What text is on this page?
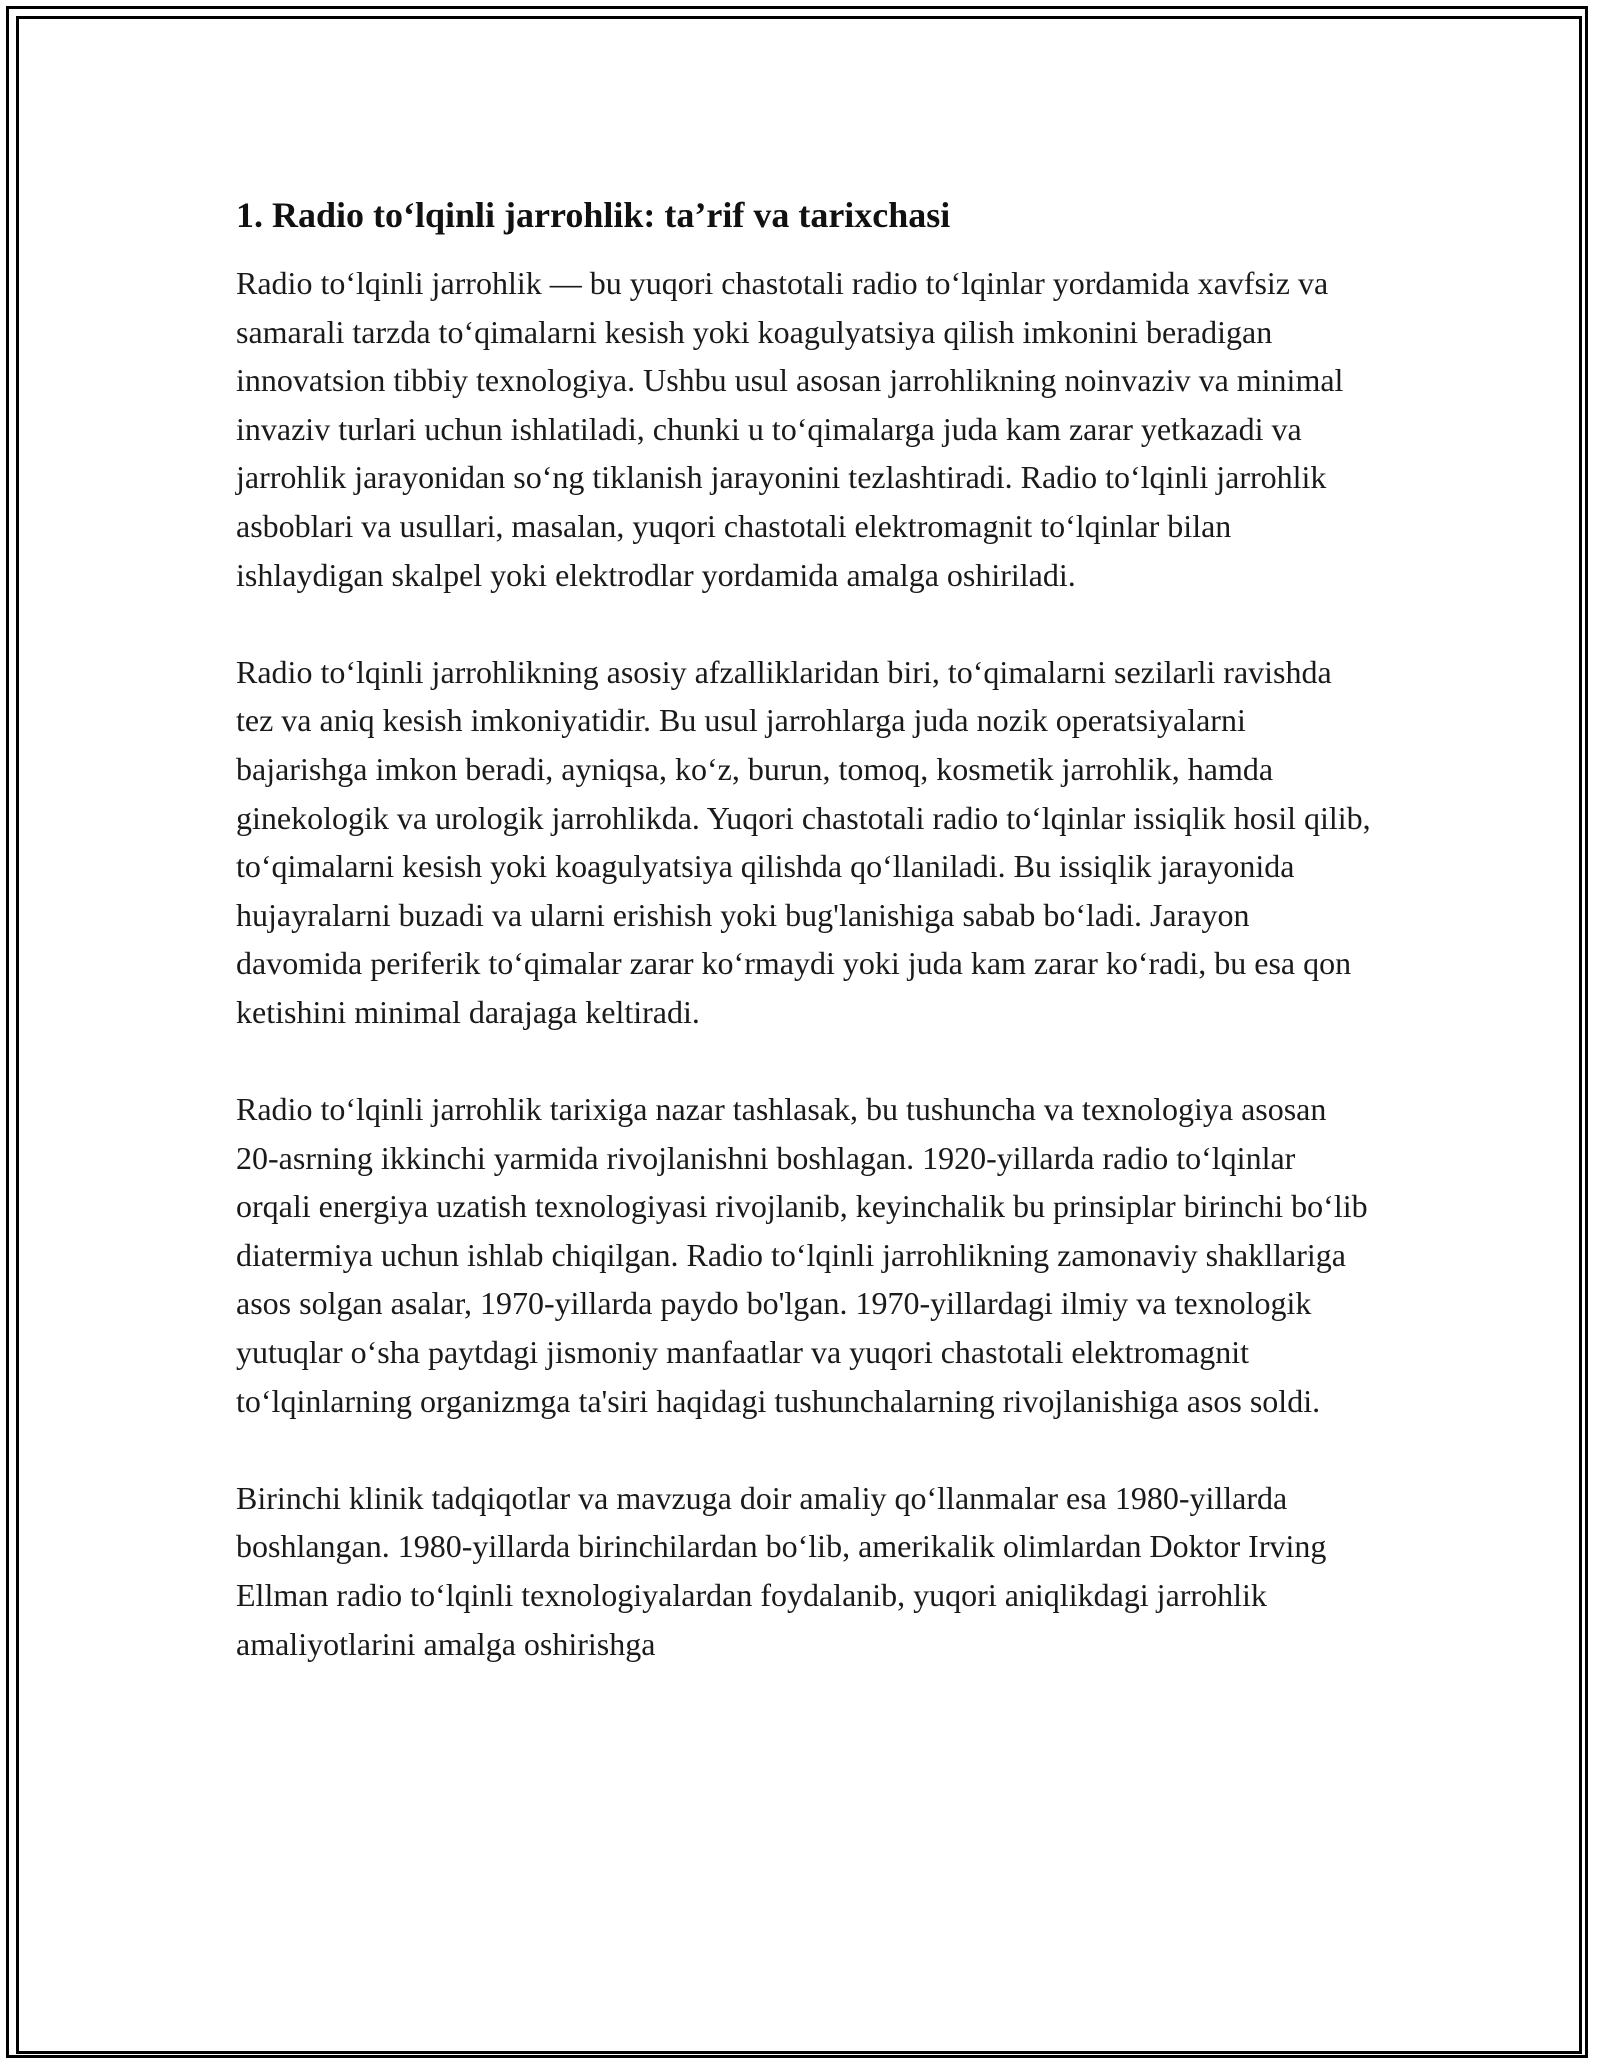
1. Radio to‘lqinli jarrohlik: ta’rif va tarixchasi

Radio to‘lqinli jarrohlik — bu yuqori chastotali radio to‘lqinlar yordamida xavfsiz va samarali tarzda to‘qimalarni kesish yoki koagulyatsiya qilish imkonini beradigan innovatsion tibbiy texnologiya. Ushbu usul asosan jarrohlikning noinvaziv va minimal invaziv turlari uchun ishlatiladi, chunki u to‘qimalarga juda kam zarar yetkazadi va jarrohlik jarayonidan so‘ng tiklanish jarayonini tezlashtiradi. Radio to‘lqinli jarrohlik asboblari va usullari, masalan, yuqori chastotali elektromagnit to‘lqinlar bilan ishlaydigan skalpel yoki elektrodlar yordamida amalga oshiriladi.

Radio to‘lqinli jarrohlikning asosiy afzalliklaridan biri, to‘qimalarni sezilarli ravishda tez va aniq kesish imkoniyatidir. Bu usul jarrohlarga juda nozik operatsiyalarni bajarishga imkon beradi, ayniqsa, ko‘z, burun, tomoq, kosmetik jarrohlik, hamda ginekologik va urologik jarrohlikda. Yuqori chastotali radio to‘lqinlar issiqlik hosil qilib, to‘qimalarni kesish yoki koagulyatsiya qilishda qo‘llaniladi. Bu issiqlik jarayonida hujayralarni buzadi va ularni erishish yoki bug'lanishiga sabab bo‘ladi. Jarayon davomida periferik to‘qimalar zarar ko‘rmaydi yoki juda kam zarar ko‘radi, bu esa qon ketishini minimal darajaga keltiradi.

Radio to‘lqinli jarrohlik tarixiga nazar tashlasak, bu tushuncha va texnologiya asosan 20-asrning ikkinchi yarmida rivojlanishni boshlagan. 1920-yillarda radio to‘lqinlar orqali energiya uzatish texnologiyasi rivojlanib, keyinchalik bu prinsiplar birinchi bo‘lib diatermiya uchun ishlab chiqilgan. Radio to‘lqinli jarrohlikning zamonaviy shakllariga asos solgan asalar, 1970-yillarda paydo bo'lgan. 1970-yillardagi ilmiy va texnologik yutuqlar o‘sha paytdagi jismoniy manfaatlar va yuqori chastotali elektromagnit to‘lqinlarning organizmga ta'siri haqidagi tushunchalarning rivojlanishiga asos soldi.

Birinchi klinik tadqiqotlar va mavzuga doir amaliy qo‘llanmalar esa 1980-yillarda boshlangan. 1980-yillarda birinchilardan bo‘lib, amerikalik olimlardan Doktor Irving Ellman radio to‘lqinli texnologiyalardan foydalanib, yuqori aniqlikdagi jarrohlik amaliyotlarini amalga oshirishga
